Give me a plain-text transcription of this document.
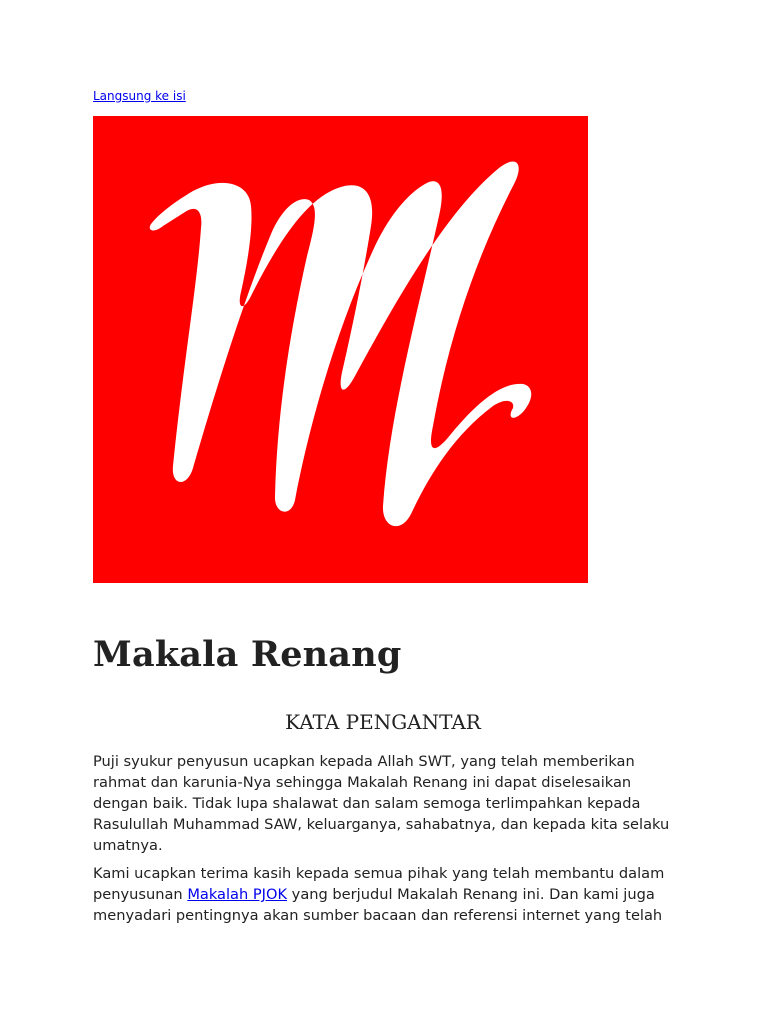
Langsung ke isi
Makala Renang
KATA PENGANTAR

Puji syukur penyusun ucapkan kepada Allah SWT, yang telah memberikan rahmat dan karunia-Nya sehingga Makalah Renang ini dapat diselesaikan dengan baik. Tidak lupa shalawat dan salam semoga terlimpahkan kepada Rasulullah Muhammad SAW, keluarganya, sahabatnya, dan kepada kita selaku umatnya.

Kami ucapkan terima kasih kepada semua pihak yang telah membantu dalam penyusunan Makalah PJOK yang berjudul Makalah Renang ini. Dan kami juga menyadari pentingnya akan sumber bacaan dan referensi internet yang telah
